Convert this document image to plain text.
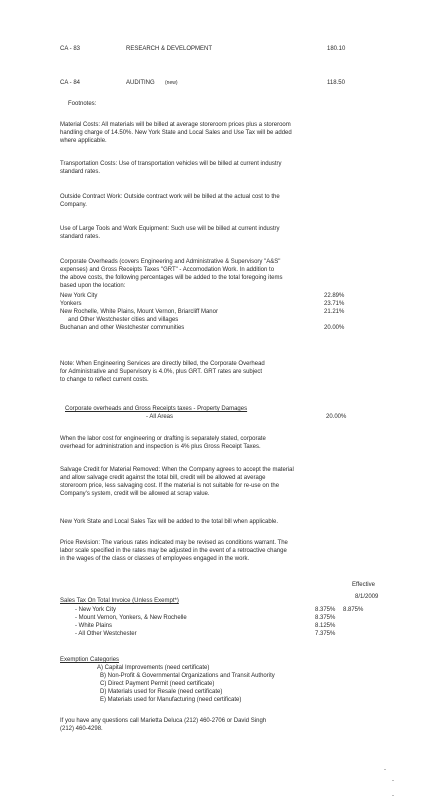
CA - 83	RESEARCH & DEVELOPMENT	180.10
CA - 84	AUDITING (new)	118.50
Footnotes:
Material Costs: All materials will be billed at average storeroom prices plus a storeroom
handling charge of 14.50%. New York State and Local Sales and Use Tax will be added
where applicable.
Transportation Costs: Use of transportation vehicles will be billed at current industry
standard rates.
Outside Contract Work: Outside contract work will be billed at the actual cost to the
Company.
Use of Large Tools and Work Equipment: Such use will be billed at current industry
standard rates.
Corporate Overheads (covers Engineering and Administrative & Supervisory "A&S"
expenses) and Gross Receipts Taxes "GRT" - Accomodation Work. In addition to
the above costs, the following percentages will be added to the total foregoing items
based upon the location:
New York City	22.89%
Yonkers	23.71%
New Rochelle, White Plains, Mount Vernon, Briarcliff Manor	21.21%
and Other Westchester cities and villages
Buchanan and other Westchester communities	20.00%
Note: When Engineering Services are directly billed, the Corporate Overhead
for Administrative and Supervisory is 4.0%, plus GRT. GRT rates are subject
to change to reflect current costs.
Corporate overheads and Gross Receipts taxes - Property Damages
- All Areas	20.00%
When the labor cost for engineering or drafting is separately stated, corporate
overhead for administration and inspection is 4% plus Gross Receipt Taxes.
Salvage Credit for Material Removed: When the Company agrees to accept the material
and allow salvage credit against the total bill, credit will be allowed at average
storeroom price, less salvaging cost. If the material is not suitable for re-use on the
Company's system, credit will be allowed at scrap value.
New York State and Local Sales Tax will be added to the total bill when applicable.
Price Revision: The various rates indicated may be revised as conditions warrant. The
labor scale specified in the rates may be adjusted in the event of a retroactive change
in the wages of the class or classes of employees engaged in the work.
Effective
8/1/2009
Sales Tax On Total Invoice (Unless Exempt*)
- New York City	8.375% 8.875%
- Mount Vernon, Yonkers, & New Rochelle	8.375%
- White Plains	8.125%
- All Other Westchester	7.375%
Exemption Categories
A) Capital Improvements (need certificate)
B) Non-Profit & Governmental Organizations and Transit Authority
C) Direct Payment Permit (need certificate)
D) Materials used for Resale (need certificate)
E) Materials used for Manufacturing (need certificate)
If you have any questions call Marietta Deluca (212) 460-2706 or David Singh
(212) 460-4298.
